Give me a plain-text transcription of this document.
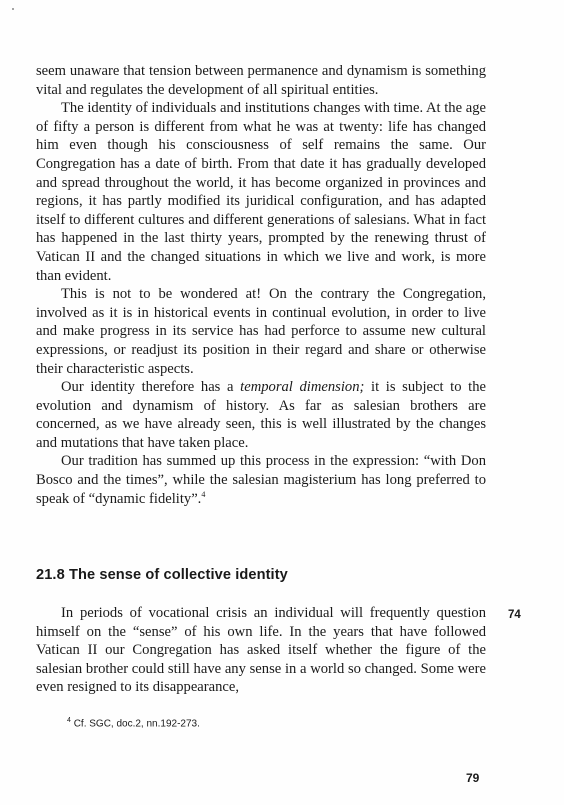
seem unaware that tension between permanence and dynamism is something vital and regulates the development of all spiritual entities.

The identity of individuals and institutions changes with time. At the age of fifty a person is different from what he was at twenty: life has changed him even though his consciousness of self remains the same. Our Congregation has a date of birth. From that date it has gradually developed and spread throughout the world, it has become organized in provinces and regions, it has partly modified its juridical configuration, and has adapted itself to different cultures and different generations of salesians. What in fact has happened in the last thirty years, prompted by the renewing thrust of Vatican II and the changed situations in which we live and work, is more than evident.

This is not to be wondered at! On the contrary the Congregation, involved as it is in historical events in continual evolution, in order to live and make progress in its service has had perforce to assume new cultural expressions, or readjust its position in their regard and share or otherwise their characteristic aspects.

Our identity therefore has a temporal dimension; it is subject to the evolution and dynamism of history. As far as salesian brothers are concerned, as we have already seen, this is well illustrated by the changes and mutations that have taken place.

Our tradition has summed up this process in the expression: “with Don Bosco and the times”, while the salesian magisterium has long preferred to speak of “dynamic fidelity”.$^4$

21.8 The sense of collective identity
74

In periods of vocational crisis an individual will frequently question himself on the “sense” of his own life. In the years that have followed Vatican II our Congregation has asked itself whether the figure of the salesian brother could still have any sense in a world so changed. Some were even resigned to its disappearance,

$^4$ Cf. SGC, doc.2, nn.192-273.
79
